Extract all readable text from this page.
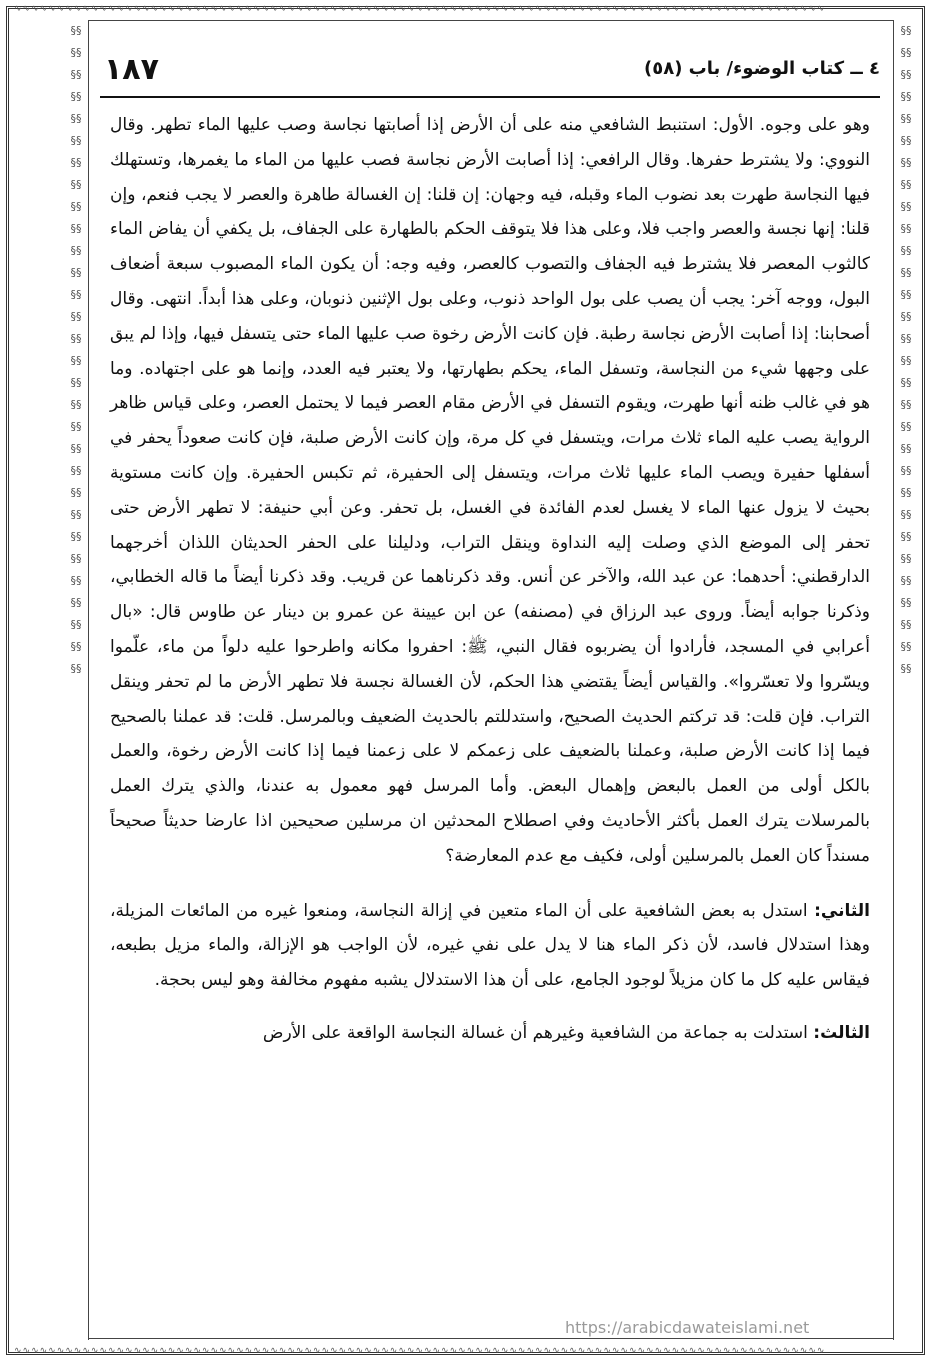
∿∿∿∿∿∿∿∿∿∿∿∿∿∿∿∿∿∿∿∿∿∿∿∿∿∿∿∿∿∿∿∿∿∿∿∿∿∿∿∿∿∿∿∿∿∿∿∿∿∿∿∿∿∿∿∿∿∿∿∿∿∿∿∿∿∿∿∿∿∿∿∿∿∿∿∿∿∿∿∿∿∿∿∿∿∿∿∿∿∿∿∿∿∿∿
∿∿∿∿∿∿∿∿∿∿∿∿∿∿∿∿∿∿∿∿∿∿∿∿∿∿∿∿∿∿∿∿∿∿∿∿∿∿∿∿∿∿∿∿∿∿∿∿∿∿∿∿∿∿∿∿∿∿∿∿∿∿∿∿∿∿∿∿∿∿∿∿∿∿∿∿∿∿∿∿∿∿∿∿∿∿∿∿∿∿∿∿∿∿∿
§§§§§§§§§§§§§§§§§§§§§§§§§§§§§§§§§§§§§§§§§§§§§§§§§§§§§§§§§§§§
§§§§§§§§§§§§§§§§§§§§§§§§§§§§§§§§§§§§§§§§§§§§§§§§§§§§§§§§§§§§
٤ ــ كتاب الوضوء/ باب (٥٨)
١٨٧

وهو على وجوه. الأول: استنبط الشافعي منه على أن الأرض إذا أصابتها نجاسة وصب عليها الماء تطهر. وقال النووي: ولا يشترط حفرها. وقال الرافعي: إذا أصابت الأرض نجاسة فصب عليها من الماء ما يغمرها، وتستهلك فيها النجاسة طهرت بعد نضوب الماء وقبله، فيه وجهان: إن قلنا: إن الغسالة طاهرة والعصر لا يجب فنعم، وإن قلنا: إنها نجسة والعصر واجب فلا، وعلى هذا فلا يتوقف الحكم بالطهارة على الجفاف، بل يكفي أن يفاض الماء كالثوب المعصر فلا يشترط فيه الجفاف والتصوب كالعصر، وفيه وجه: أن يكون الماء المصبوب سبعة أضعاف البول، ووجه آخر: يجب أن يصب على بول الواحد ذنوب، وعلى بول الإثنين ذنوبان، وعلى هذا أبداً. انتهى. وقال أصحابنا: إذا أصابت الأرض نجاسة رطبة. فإن كانت الأرض رخوة صب عليها الماء حتى يتسفل فيها، وإذا لم يبق على وجهها شيء من النجاسة، وتسفل الماء، يحكم بطهارتها، ولا يعتبر فيه العدد، وإنما هو على اجتهاده. وما هو في غالب ظنه أنها طهرت، ويقوم التسفل في الأرض مقام العصر فيما لا يحتمل العصر، وعلى قياس ظاهر الرواية يصب عليه الماء ثلاث مرات، ويتسفل في كل مرة، وإن كانت الأرض صلبة، فإن كانت صعوداً يحفر في أسفلها حفيرة ويصب الماء عليها ثلاث مرات، ويتسفل إلى الحفيرة، ثم تكبس الحفيرة. وإن كانت مستوية بحيث لا يزول عنها الماء لا يغسل لعدم الفائدة في الغسل، بل تحفر. وعن أبي حنيفة: لا تطهر الأرض حتى تحفر إلى الموضع الذي وصلت إليه النداوة وينقل التراب، ودليلنا على الحفر الحديثان اللذان أخرجهما الدارقطني: أحدهما: عن عبد الله، والآخر عن أنس. وقد ذكرناهما عن قريب. وقد ذكرنا أيضاً ما قاله الخطابي، وذكرنا جوابه أيضاً. وروى عبد الرزاق في (مصنفه) عن ابن عيينة عن عمرو بن دينار عن طاوس قال: «بال أعرابي في المسجد، فأرادوا أن يضربوه فقال النبي، ﷺ: احفروا مكانه واطرحوا عليه دلواً من ماء، علّموا ويسّروا ولا تعسّروا». والقياس أيضاً يقتضي هذا الحكم، لأن الغسالة نجسة فلا تطهر الأرض ما لم تحفر وينقل التراب. فإن قلت: قد تركتم الحديث الصحيح، واستدللتم بالحديث الضعيف وبالمرسل. قلت: قد عملنا بالصحيح فيما إذا كانت الأرض صلبة، وعملنا بالضعيف على زعمكم لا على زعمنا فيما إذا كانت الأرض رخوة، والعمل بالكل أولى من العمل بالبعض وإهمال البعض. وأما المرسل فهو معمول به عندنا، والذي يترك العمل بالمرسلات يترك العمل بأكثر الأحاديث وفي اصطلاح المحدثين ان مرسلين صحيحين اذا عارضا حديثاً صحيحاً مسنداً كان العمل بالمرسلين أولى، فكيف مع عدم المعارضة؟

الثاني: استدل به بعض الشافعية على أن الماء متعين في إزالة النجاسة، ومنعوا غيره من المائعات المزيلة، وهذا استدلال فاسد، لأن ذكر الماء هنا لا يدل على نفي غيره، لأن الواجب هو الإزالة، والماء مزيل بطبعه، فيقاس عليه كل ما كان مزيلاً لوجود الجامع، على أن هذا الاستدلال يشبه مفهوم مخالفة وهو ليس بحجة.

الثالث: استدلت به جماعة من الشافعية وغيرهم أن غسالة النجاسة الواقعة على الأرض

https://arabicdawateislami.net
